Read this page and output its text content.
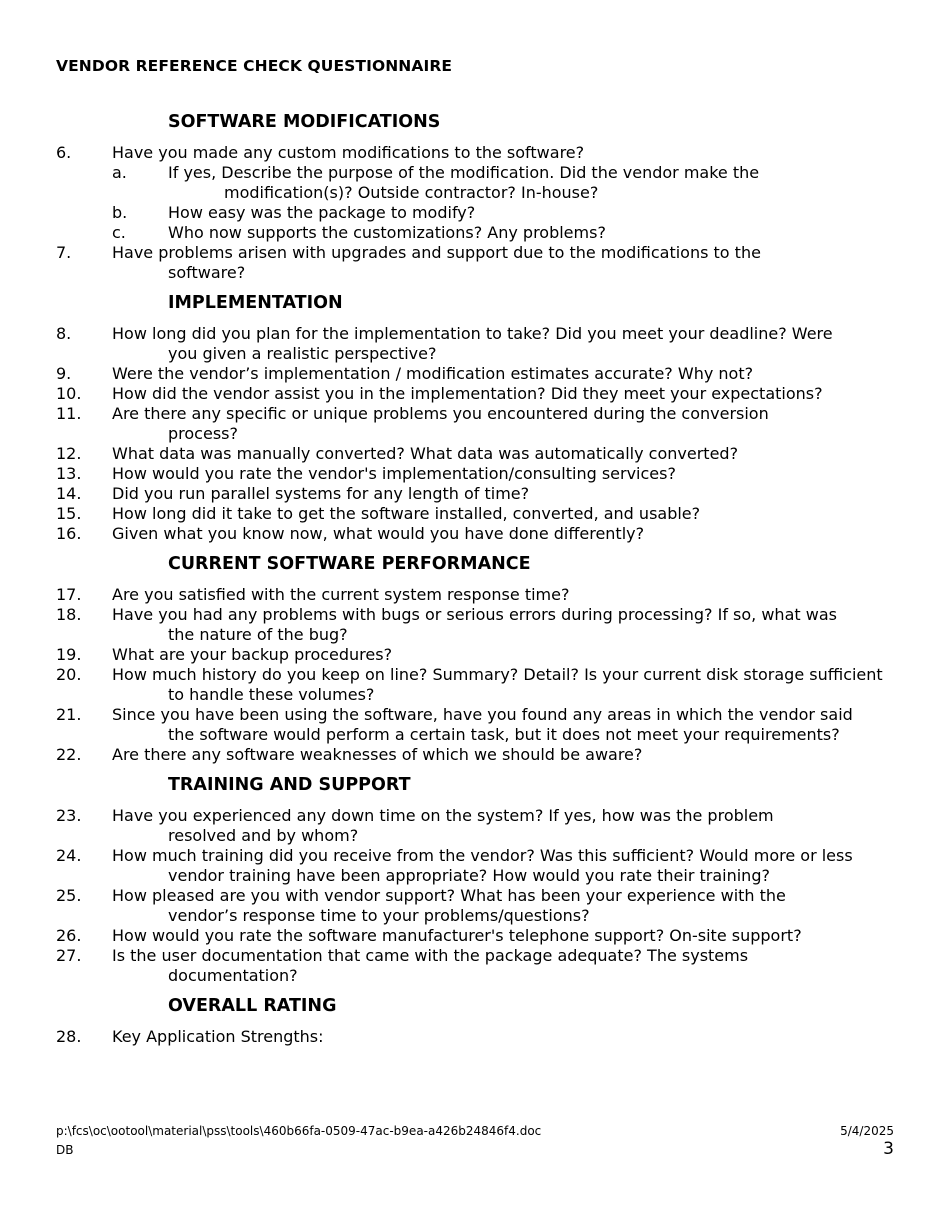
VENDOR REFERENCE CHECK QUESTIONNAIRE
SOFTWARE MODIFICATIONS
6.	Have you made any custom modifications to the software?
a.	If yes, Describe the purpose of the modification. Did the vendor make the modification(s)? Outside contractor? In-house?
b.	How easy was the package to modify?
c.	Who now supports the customizations? Any problems?
7.	Have problems arisen with upgrades and support due to the modifications to the software?
IMPLEMENTATION
8.	How long did you plan for the implementation to take? Did you meet your deadline? Were you given a realistic perspective?
9.	Were the vendor’s implementation / modification estimates accurate? Why not?
10. How did the vendor assist you in the implementation? Did they meet your expectations?
11. Are there any specific or unique problems you encountered during the conversion process?
12. What data was manually converted? What data was automatically converted?
13. How would you rate the vendor's implementation/consulting services?
14. Did you run parallel systems for any length of time?
15. How long did it take to get the software installed, converted, and usable?
16. Given what you know now, what would you have done differently?
CURRENT SOFTWARE PERFORMANCE
17. Are you satisfied with the current system response time?
18. Have you had any problems with bugs or serious errors during processing? If so, what was the nature of the bug?
19. What are your backup procedures?
20. How much history do you keep on line? Summary? Detail? Is your current disk storage sufficient to handle these volumes?
21. Since you have been using the software, have you found any areas in which the vendor said the software would perform a certain task, but it does not meet your requirements?
22. Are there any software weaknesses of which we should be aware?
TRAINING AND SUPPORT
23. Have you experienced any down time on the system? If yes, how was the problem resolved and by whom?
24. How much training did you receive from the vendor? Was this sufficient? Would more or less vendor training have been appropriate? How would you rate their training?
25. How pleased are you with vendor support? What has been your experience with the vendor’s response time to your problems/questions?
26. How would you rate the software manufacturer's telephone support? On-site support?
27. Is the user documentation that came with the package adequate? The systems documentation?
OVERALL RATING
28. Key Application Strengths:
p:\fcs\oc\ootool\material\pss\tools\460b66fa-0509-47ac-b9ea-a426b24846f4.doc	5/4/2025
DB	3
